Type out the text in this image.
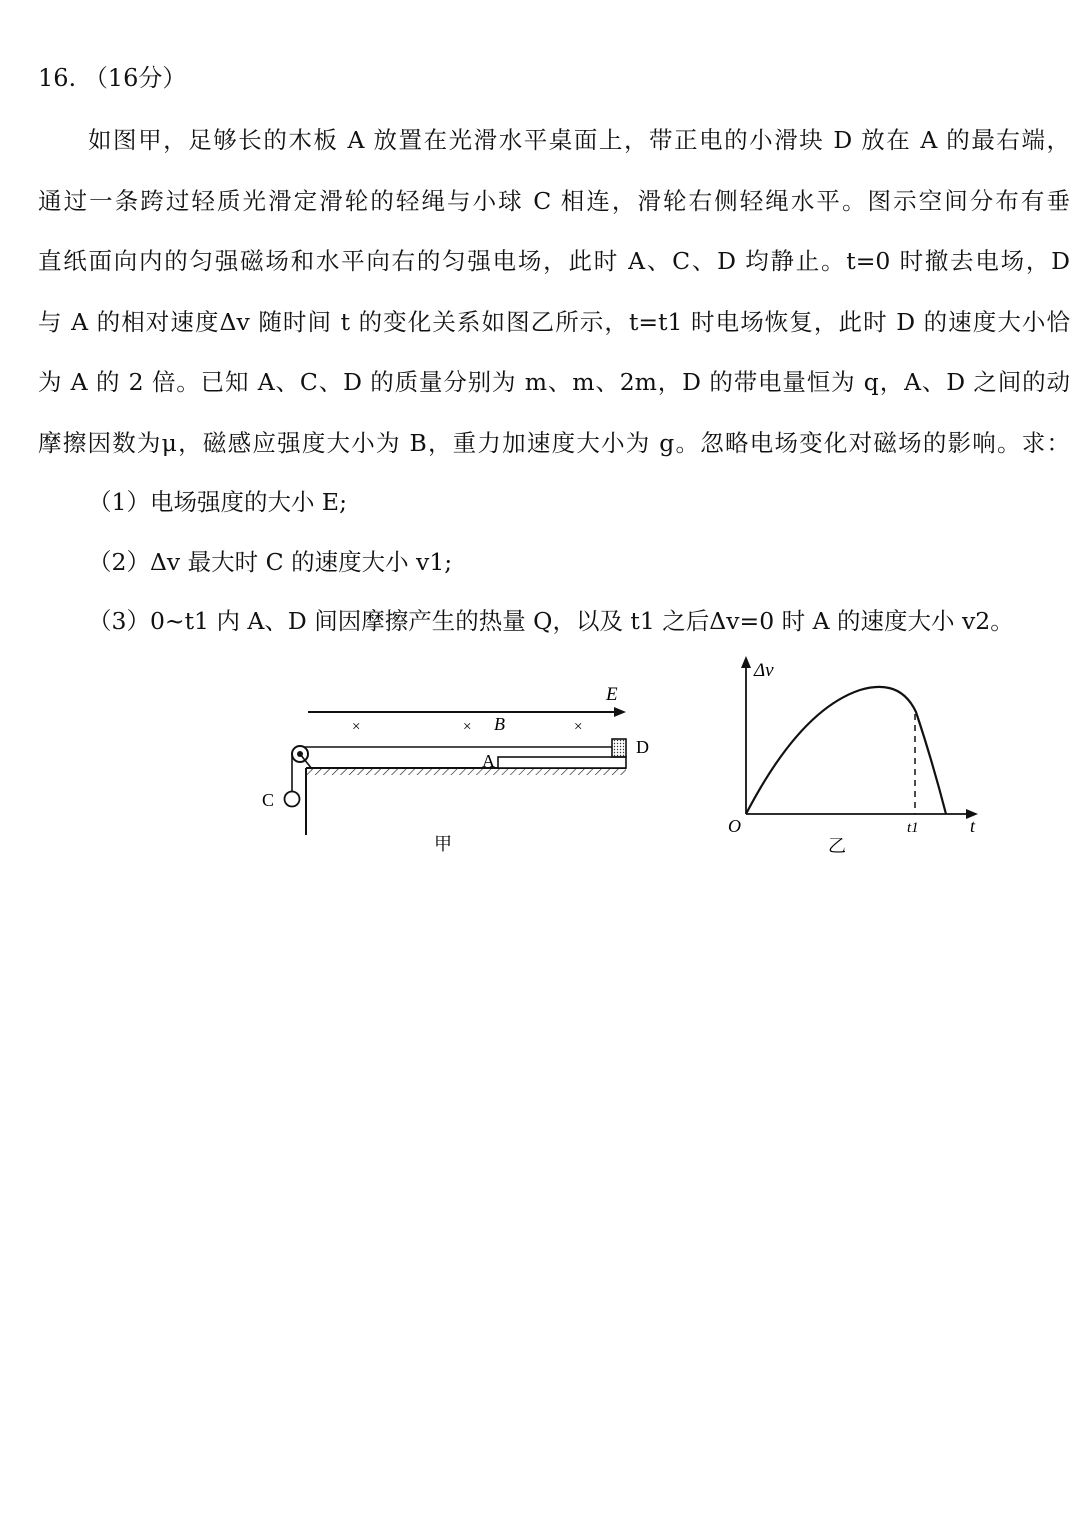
16. （16分）
如图甲，足够长的木板 A 放置在光滑水平桌面上，带正电的小滑块 D 放在 A 的最右端，
通过一条跨过轻质光滑定滑轮的轻绳与小球 C 相连，滑轮右侧轻绳水平。图示空间分布有垂
直纸面向内的匀强磁场和水平向右的匀强电场，此时 A、C、D 均静止。t=0 时撤去电场，D
与 A 的相对速度Δv 随时间 t 的变化关系如图乙所示，t=t1 时电场恢复，此时 D 的速度大小恰
为 A 的 2 倍。已知 A、C、D 的质量分别为 m、m、2m，D 的带电量恒为 q，A、D 之间的动
摩擦因数为μ，磁感应强度大小为 B，重力加速度大小为 g。忽略电场变化对磁场的影响。求：
（1）电场强度的大小 E;
（2）Δv 最大时 C 的速度大小 v1;
（3）0~t1 内 A、D 间因摩擦产生的热量 Q，以及 t1 之后Δv=0 时 A 的速度大小 v2。
E
×	× B	×
A
D
C
甲
Δv
t
O	t1
乙
